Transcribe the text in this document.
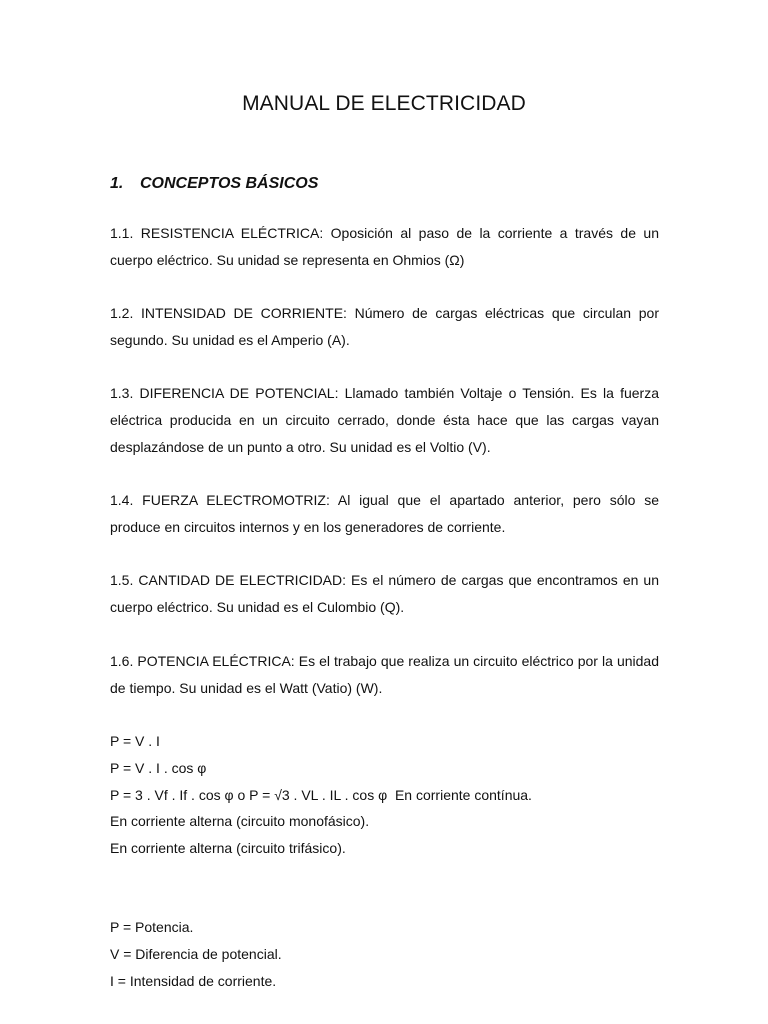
MANUAL DE ELECTRICIDAD
1. CONCEPTOS BÁSICOS

1.1. RESISTENCIA ELÉCTRICA: Oposición al paso de la corriente a través de un cuerpo eléctrico. Su unidad se representa en Ohmios (Ω)

1.2. INTENSIDAD DE CORRIENTE: Número de cargas eléctricas que circulan por segundo. Su unidad es el Amperio (A).

1.3. DIFERENCIA DE POTENCIAL: Llamado también Voltaje o Tensión. Es la fuerza eléctrica producida en un circuito cerrado, donde ésta hace que las cargas vayan desplazándose de un punto a otro. Su unidad es el Voltio (V).

1.4. FUERZA ELECTROMOTRIZ: Al igual que el apartado anterior, pero sólo se produce en circuitos internos y en los generadores de corriente.

1.5. CANTIDAD DE ELECTRICIDAD: Es el número de cargas que encontramos en un cuerpo eléctrico. Su unidad es el Culombio (Q).

1.6. POTENCIA ELÉCTRICA: Es el trabajo que realiza un circuito eléctrico por la unidad de tiempo. Su unidad es el Watt (Vatio) (W).

P = V . I
P = V . I . cos φ
P = 3 . Vf . If . cos φ o P = √3 . VL . IL . cos φ  En corriente contínua.
En corriente alterna (circuito monofásico).
En corriente alterna (circuito trifásico).
P = Potencia.
V = Diferencia de potencial.
I = Intensidad de corriente.
